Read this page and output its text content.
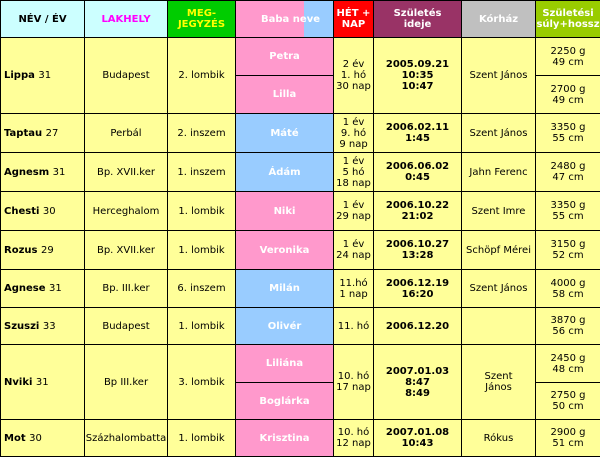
NÉV / ÉV	LAKHELY	MEG-
JEGYZÉS	Baba neve	HÉT +
NAP	Születés
ideje	Kórház	Születési
súly+hossz
Lippa 31	Budapest	2. lombik	Petra	2 év
1. hó
30 nap	2005.09.21
10:35
10:47	Szent János	2250 g
49 cm
			Lilla				2700 g
49 cm
Taptau 27	Perbál	2. inszem	Máté	1 év
9. hó
9 nap	2006.02.11
1:45	Szent János	3350 g
55 cm
Agnesm 31	Bp. XVII.ker	1. inszem	Ádám	1 év
5 hó
18 nap	2006.06.02
0:45	Jahn Ferenc	2480 g
47 cm
Chesti 30	Herceghalom	1. lombik	Niki	1 év
29 nap	2006.10.22
21:02	Szent Imre	3350 g
55 cm
Rozus 29	Bp. XVII.ker	1. lombik	Veronika	1 év
24 nap	2006.10.27
13:28	Schöpf Mérei	3150 g
52 cm
Agnese 31	Bp. III.ker	6. inszem	Milán	11.hó
1 nap	2006.12.19
16:20	Szent János	4000 g
58 cm
Szuszi 33	Budapest	1. lombik	Olivér	11. hó	2006.12.20		3870 g
56 cm
Nviki 31	Bp III.ker	3. lombik	Liliána	10. hó
17 nap	2007.01.03
8:47
8:49	Szent
János	2450 g
48 cm
			Boglárka				2750 g
50 cm
Mot 30	Százhalombatta	1. lombik	Krisztina	10. hó
12 nap	2007.01.08
10:43	Rókus	2900 g
51 cm
